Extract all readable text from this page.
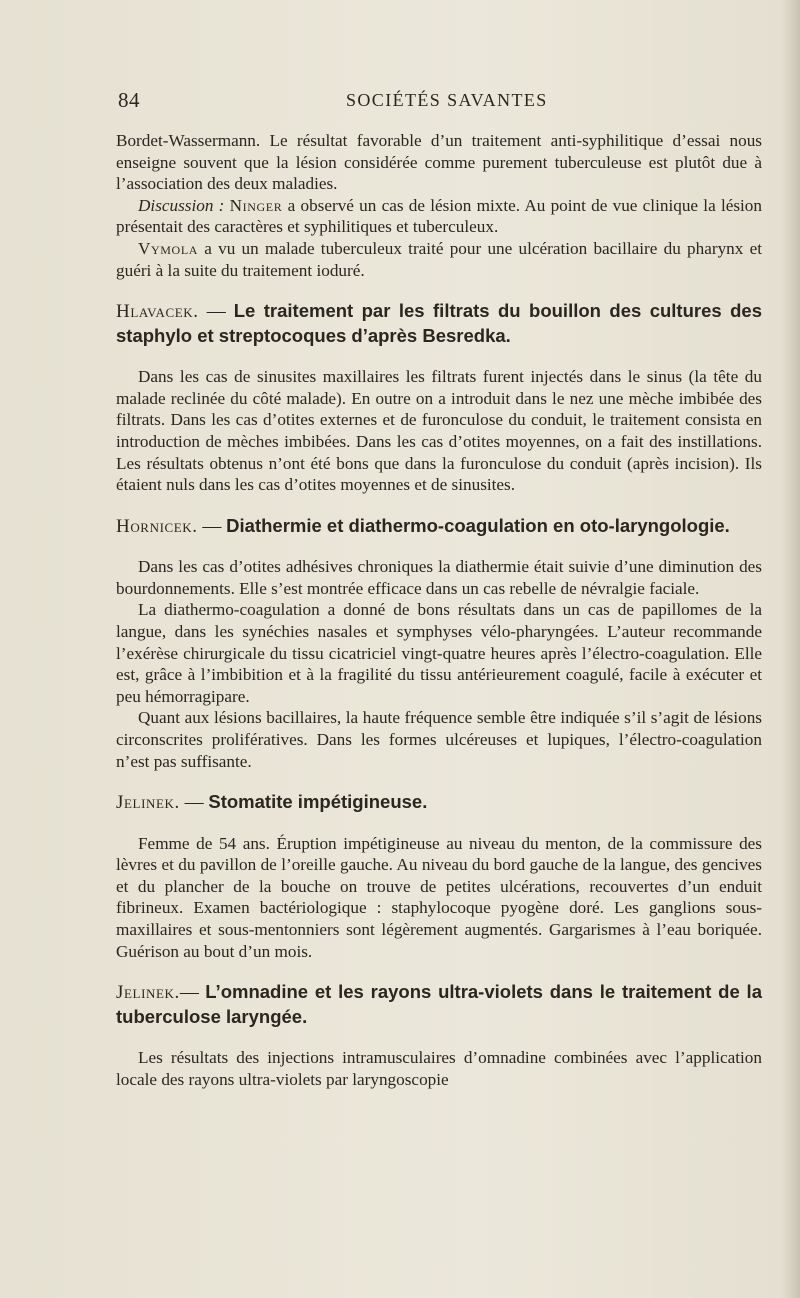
84	SOCIÉTÉS SAVANTES

Bordet-Wassermann. Le résultat favorable d’un traitement anti-syphilitique d’essai nous enseigne souvent que la lésion considérée comme purement tuberculeuse est plutôt due à l’association des deux maladies.

Discussion : Ninger a observé un cas de lésion mixte. Au point de vue clinique la lésion présentait des caractères et syphilitiques et tuberculeux.

Vymola a vu un malade tuberculeux traité pour une ulcération bacillaire du pharynx et guéri à la suite du traitement ioduré.

Hlavacek. — Le traitement par les filtrats du bouillon des cultures des staphylo et streptocoques d’après Besredka.

Dans les cas de sinusites maxillaires les filtrats furent injectés dans le sinus (la tête du malade reclinée du côté malade). En outre on a introduit dans le nez une mèche imbibée des filtrats. Dans les cas d’otites externes et de furonculose du conduit, le traitement consista en introduction de mèches imbibées. Dans les cas d’otites moyennes, on a fait des instillations. Les résultats obtenus n’ont été bons que dans la furonculose du conduit (après incision). Ils étaient nuls dans les cas d’otites moyennes et de sinusites.

Hornicek. — Diathermie et diathermo-coagulation en oto-laryngologie.

Dans les cas d’otites adhésives chroniques la diathermie était suivie d’une diminution des bourdonnements. Elle s’est montrée efficace dans un cas rebelle de névralgie faciale.

La diathermo-coagulation a donné de bons résultats dans un cas de papillomes de la langue, dans les synéchies nasales et symphyses vélo-pharyngées. L’auteur recommande l’exérèse chirurgicale du tissu cicatriciel vingt-quatre heures après l’électro-coagulation. Elle est, grâce à l’imbibition et à la fragilité du tissu antérieurement coagulé, facile à exécuter et peu hémorragipare.

Quant aux lésions bacillaires, la haute fréquence semble être indiquée s’il s’agit de lésions circonscrites prolifératives. Dans les formes ulcéreuses et lupiques, l’électro-coagulation n’est pas suffisante.

Jelinek. — Stomatite impétigineuse.

Femme de 54 ans. Éruption impétigineuse au niveau du menton, de la commissure des lèvres et du pavillon de l’oreille gauche. Au niveau du bord gauche de la langue, des gencives et du plancher de la bouche on trouve de petites ulcérations, recouvertes d’un enduit fibrineux. Examen bactériologique : staphylocoque pyogène doré. Les ganglions sous-maxillaires et sous-mentonniers sont légèrement augmentés. Gargarismes à l’eau boriquée. Guérison au bout d’un mois.

Jelinek.— L’omnadine et les rayons ultra-violets dans le traitement de la tuberculose laryngée.

Les résultats des injections intramusculaires d’omnadine combinées avec l’application locale des rayons ultra-violets par laryngoscopie
